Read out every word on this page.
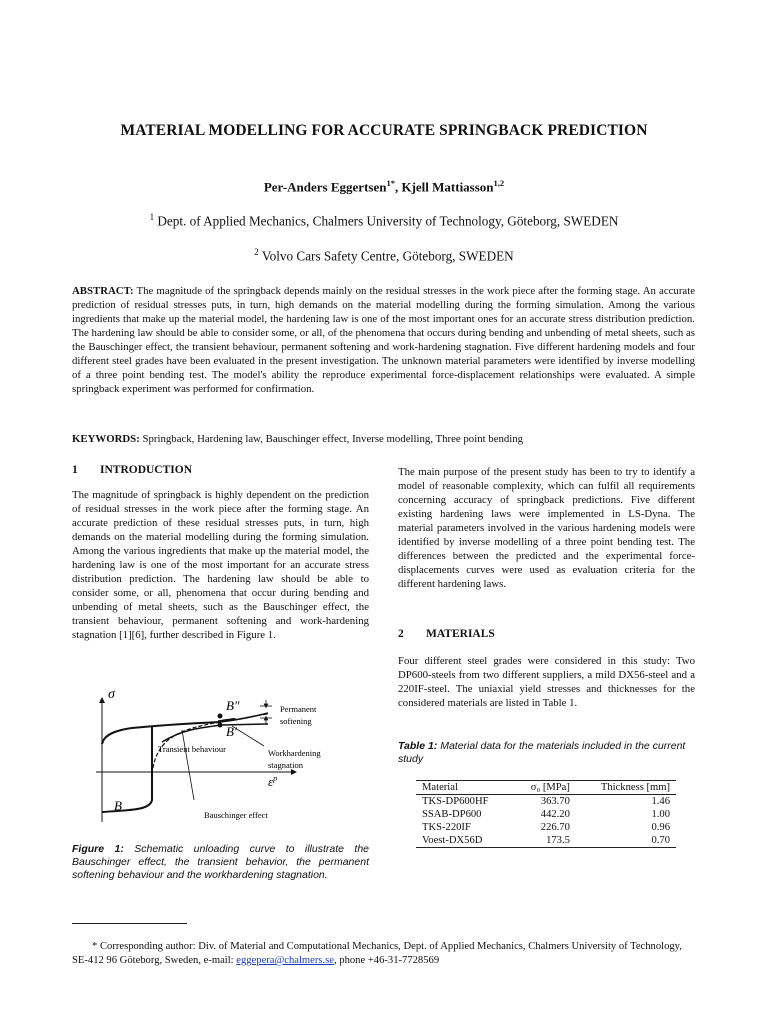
MATERIAL MODELLING FOR ACCURATE SPRINGBACK PREDICTION
Per-Anders Eggertsen$^{1*}$, Kjell Mattiasson$^{1,2}$
$^1$ Dept. of Applied Mechanics, Chalmers University of Technology, Göteborg, SWEDEN
$^2$ Volvo Cars Safety Centre, Göteborg, SWEDEN
ABSTRACT: The magnitude of the springback depends mainly on the residual stresses in the work piece after the forming stage. An accurate prediction of residual stresses puts, in turn, high demands on the material modelling during the forming simulation. Among the various ingredients that make up the material model, the hardening law is one of the most important ones for an accurate stress distribution prediction. The hardening law should be able to consider some, or all, of the phenomena that occurs during bending and unbending of metal sheets, such as the Bauschinger effect, the transient behaviour, permanent softening and work-hardening stagnation. Five different hardening models and four different steel grades have been evaluated in the present investigation. The unknown material parameters were identified by inverse modelling of a three point bending test. The model's ability the reproduce experimental force-displacement relationships were evaluated. A simple springback experiment was performed for confirmation.
KEYWORDS: Springback, Hardening law, Bauschinger effect, Inverse modelling, Three point bending
1 INTRODUCTION
The magnitude of springback is highly dependent on the prediction of residual stresses in the work piece after the forming stage. An accurate prediction of these residual stresses puts, in turn, high demands on the material modelling during the forming simulation. Among the various ingredients that make up the material model, the hardening law is one of the most important for an accurate stress distribution prediction. The hardening law should be able to consider some, or all, phenomena that occur during bending and unbending of metal sheets, such as the Bauschinger effect, the transient behaviour, permanent softening and work-hardening stagnation [1][6], further described in Figure 1.
The main purpose of the present study has been to try to identify a model of reasonable complexity, which can fulfil all requirements concerning accuracy of springback predictions. Five different existing hardening laws were implemented in LS-Dyna. The material parameters involved in the various hardening models were identified by inverse modelling of a three point bending test. The differences between the predicted and the experimental force-displacements curves were used as evaluation criteria for the different hardening laws.
2 MATERIALS
Four different steel grades were considered in this study: Two DP600-steels from two different suppliers, a mild DX56-steel and a 220IF-steel. The uniaxial yield stresses and thicknesses for the considered materials are listed in Table 1.
Table 1: Material data for the materials included in the current study
Material	σ₀ [MPa]	Thickness [mm]
TKS-DP600HF	363.70	1.46
SSAB-DP600	442.20	1.00
TKS-220IF	226.70	0.96
Voest-DX56D	173.5	0.70
σ
$\varepsilon^p$
B
B″
B′
Permanent
softening
Transient behaviour	Workhardening
stagnation
Bauschinger effect
Figure 1: Schematic unloading curve to illustrate the Bauschinger effect, the transient behavior, the permanent softening behaviour and the workhardening stagnation.
* Corresponding author: Div. of Material and Computational Mechanics, Dept. of Applied Mechanics, Chalmers University of Technology, SE-412 96 Göteborg, Sweden, e-mail: eggepera@chalmers.se, phone +46-31-7728569
